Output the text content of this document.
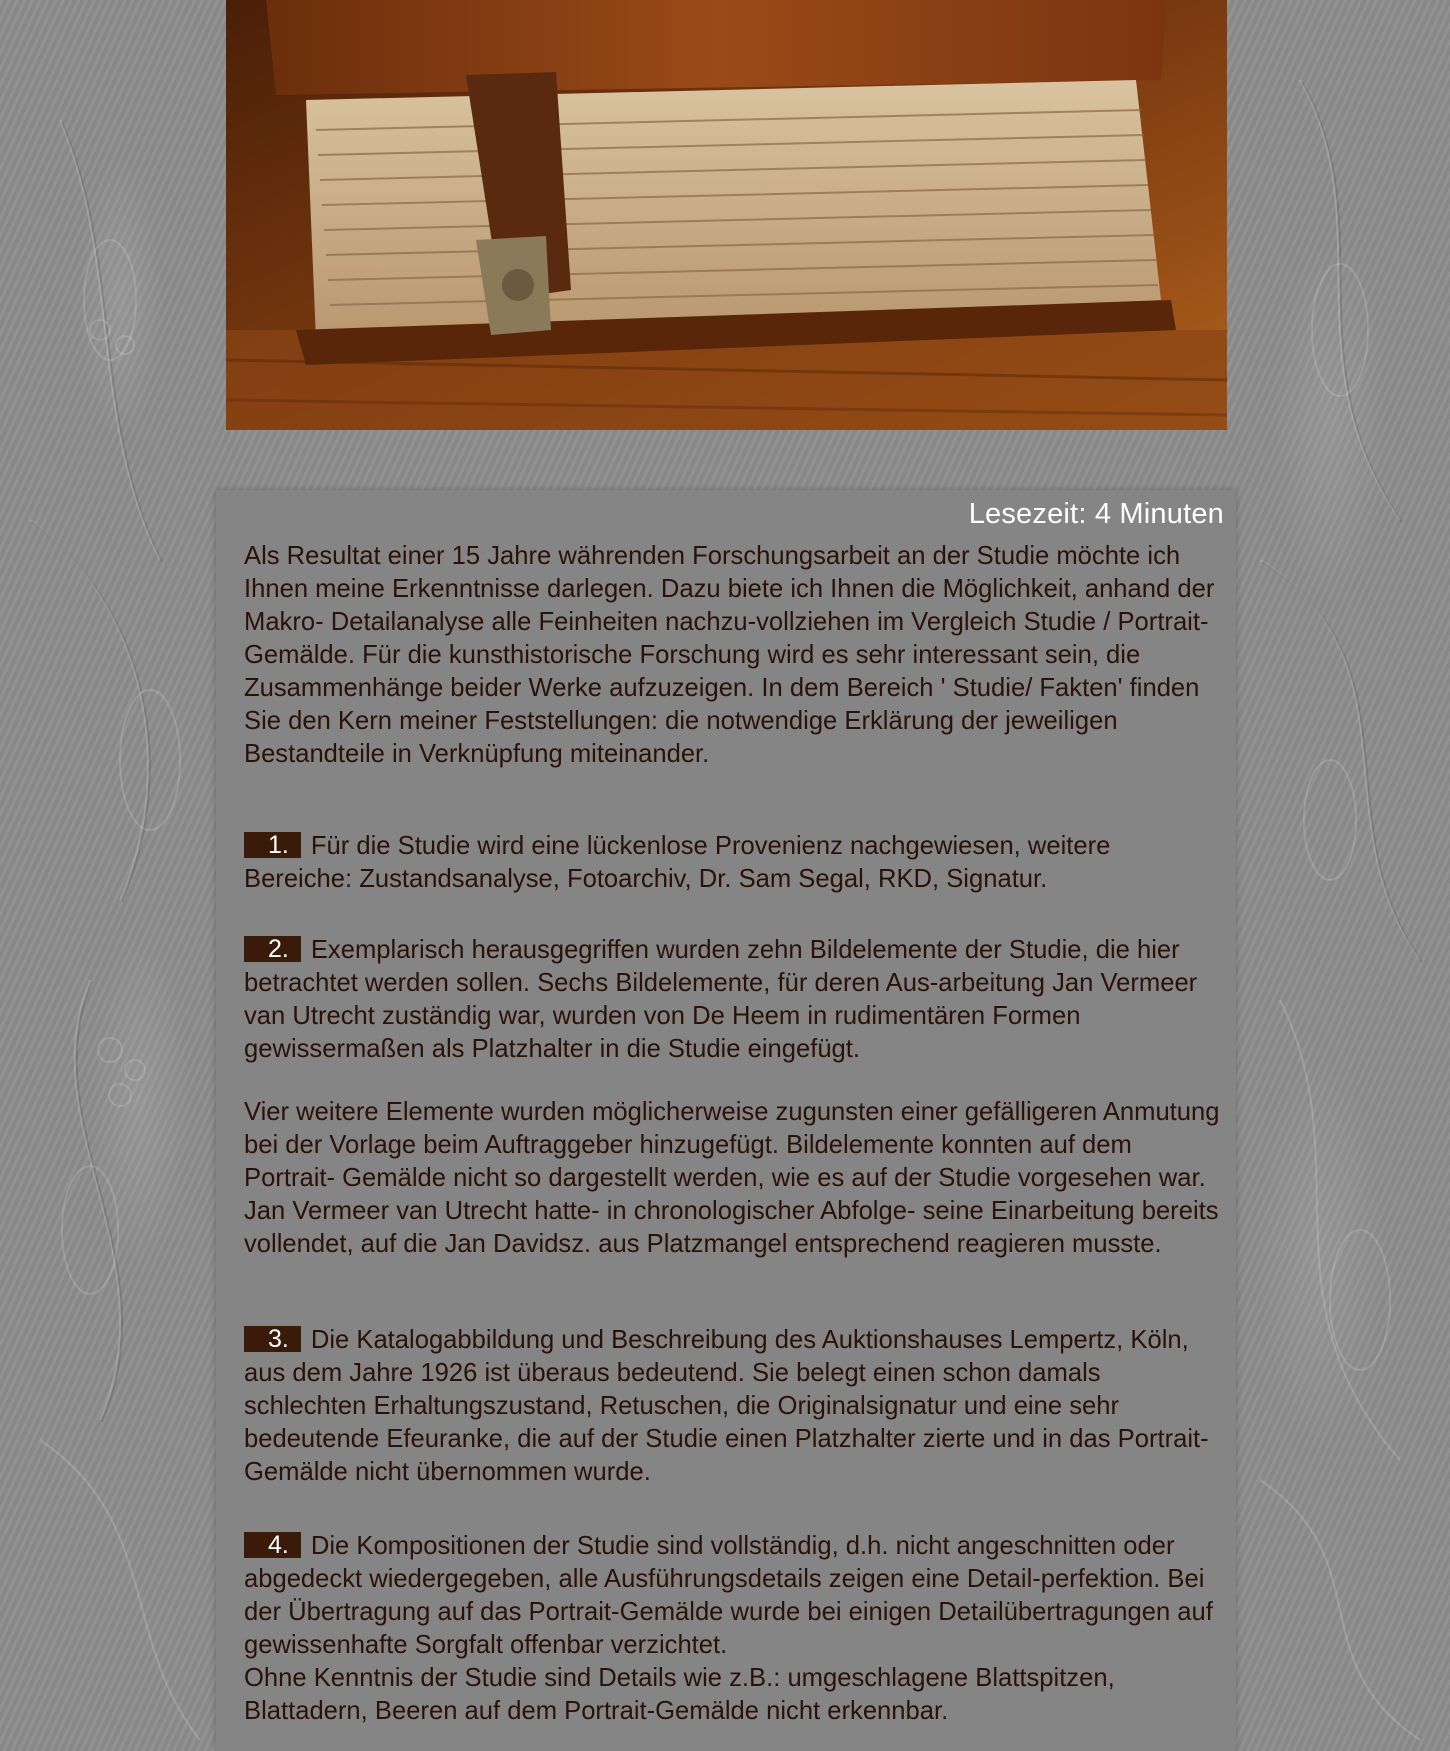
Lesezeit: 4 Minuten

Als Resultat einer 15 Jahre währenden Forschungsarbeit an der Studie möchte ich Ihnen meine Erkenntnisse darlegen. Dazu biete ich Ihnen die Möglichkeit, anhand der Makro- Detailanalyse alle Feinheiten nachzu-vollziehen im Vergleich Studie / Portrait-Gemälde. Für die kunsthistorische Forschung wird es sehr interessant sein, die Zusammenhänge beider Werke aufzuzeigen. In dem Bereich ' Studie/ Fakten' finden Sie den Kern meiner Feststellungen: die notwendige Erklärung der jeweiligen Bestandteile in Verknüpfung miteinander.

1. Für die Studie wird eine lückenlose Provenienz nachgewiesen, weitere Bereiche: Zustandsanalyse, Fotoarchiv, Dr. Sam Segal, RKD, Signatur.

2. Exemplarisch herausgegriffen wurden zehn Bildelemente der Studie, die hier betrachtet werden sollen. Sechs Bildelemente, für deren Aus-arbeitung Jan Vermeer van Utrecht zuständig war, wurden von De Heem in rudimentären Formen gewissermaßen als Platzhalter in die Studie eingefügt.

Vier weitere Elemente wurden möglicherweise zugunsten einer gefälligeren Anmutung bei der Vorlage beim Auftraggeber hinzugefügt. Bildelemente konnten auf dem Portrait- Gemälde nicht so dargestellt werden, wie es auf der Studie vorgesehen war. Jan Vermeer van Utrecht hatte- in chronologischer Abfolge- seine Einarbeitung bereits vollendet, auf die Jan Davidsz. aus Platzmangel entsprechend reagieren musste.

3. Die Katalogabbildung und Beschreibung des Auktionshauses Lempertz, Köln, aus dem Jahre 1926 ist überaus bedeutend. Sie belegt einen schon damals schlechten Erhaltungszustand, Retuschen, die Originalsignatur und eine sehr bedeutende Efeuranke, die auf der Studie einen Platzhalter zierte und in das Portrait-Gemälde nicht übernommen wurde.

4. Die Kompositionen der Studie sind vollständig, d.h. nicht angeschnitten oder abgedeckt wiedergegeben, alle Ausführungsdetails zeigen eine Detail-perfektion. Bei der Übertragung auf das Portrait-Gemälde wurde bei einigen Detailübertragungen auf gewissenhafte Sorgfalt offenbar verzichtet.

Ohne Kenntnis der Studie sind Details wie z.B.: umgeschlagene Blattspitzen, Blattadern, Beeren auf dem Portrait-Gemälde nicht erkennbar.
